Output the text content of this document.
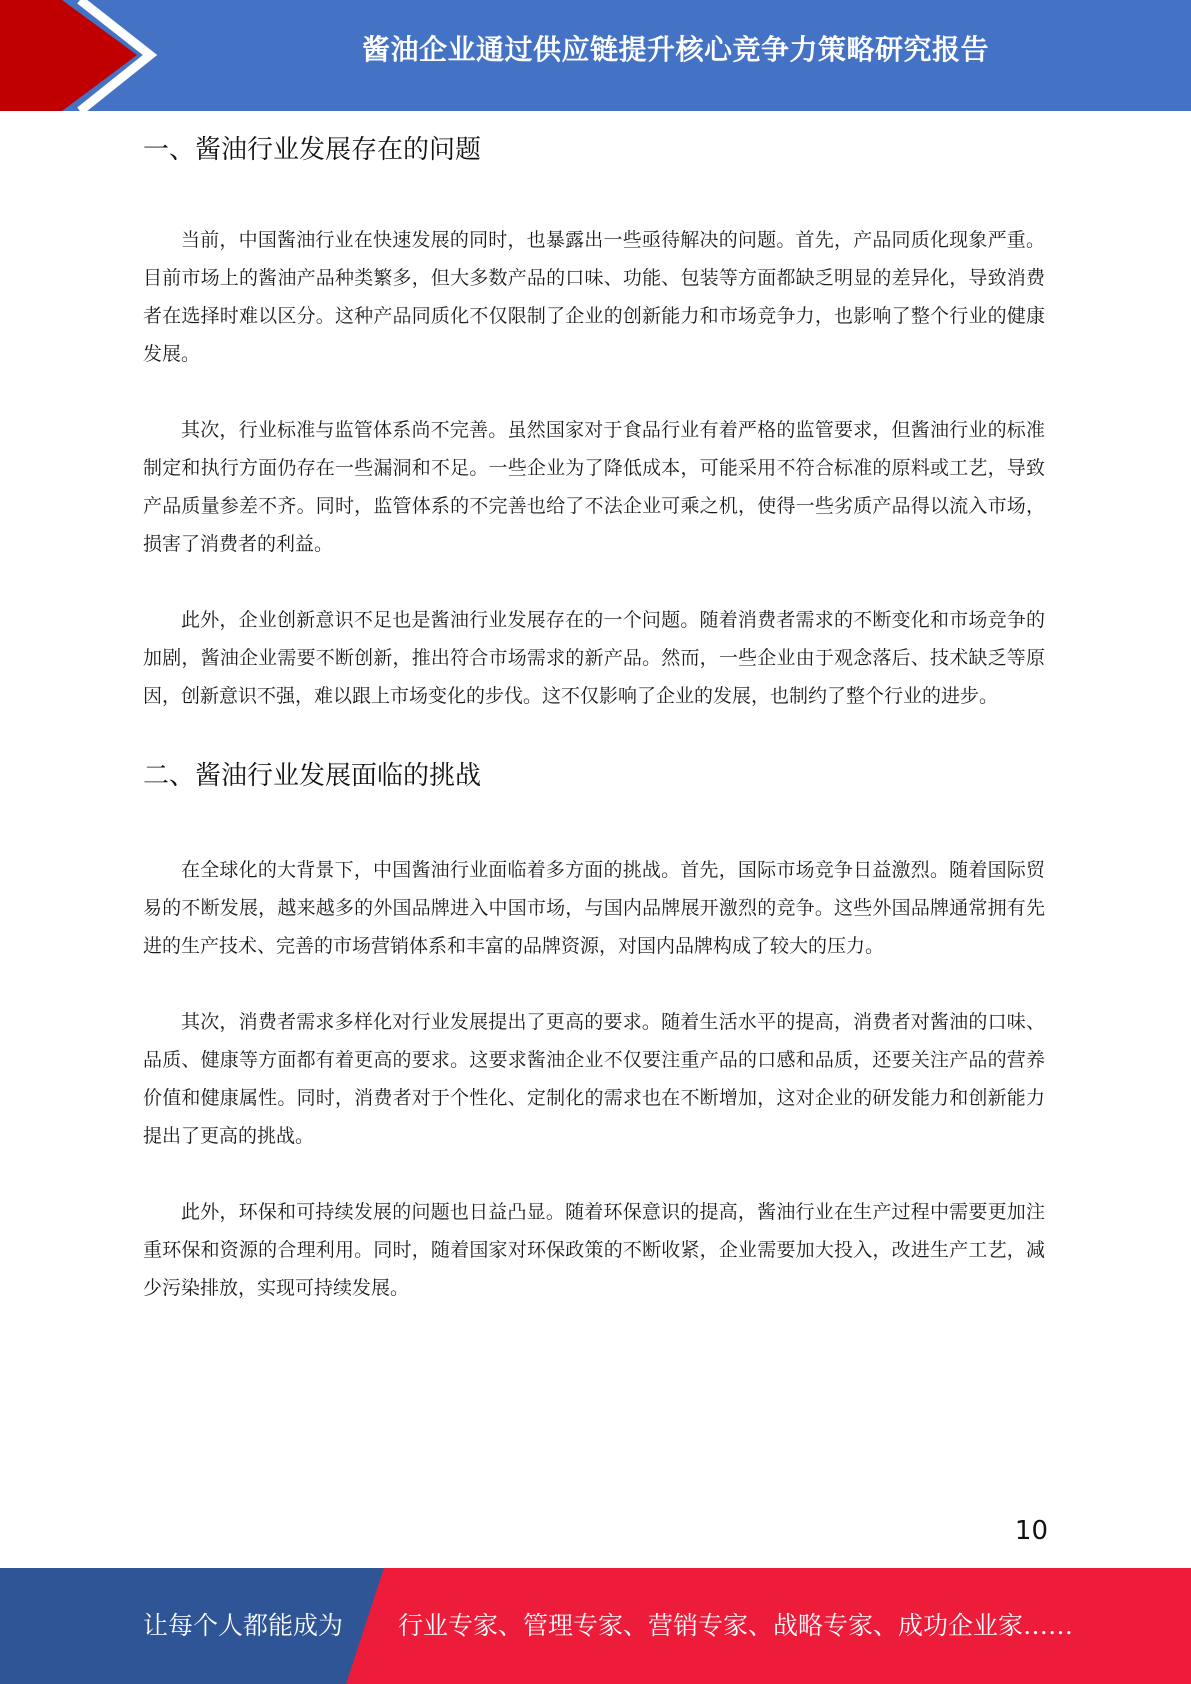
酱油企业通过供应链提升核心竞争力策略研究报告
一、酱油行业发展存在的问题

当前，中国酱油行业在快速发展的同时，也暴露出一些亟待解决的问题。首先，产品同质化现象严重。目前市场上的酱油产品种类繁多，但大多数产品的口味、功能、包装等方面都缺乏明显的差异化，导致消费者在选择时难以区分。这种产品同质化不仅限制了企业的创新能力和市场竞争力，也影响了整个行业的健康发展。

其次，行业标准与监管体系尚不完善。虽然国家对于食品行业有着严格的监管要求，但酱油行业的标准制定和执行方面仍存在一些漏洞和不足。一些企业为了降低成本，可能采用不符合标准的原料或工艺，导致产品质量参差不齐。同时，监管体系的不完善也给了不法企业可乘之机，使得一些劣质产品得以流入市场，损害了消费者的利益。

此外，企业创新意识不足也是酱油行业发展存在的一个问题。随着消费者需求的不断变化和市场竞争的加剧，酱油企业需要不断创新，推出符合市场需求的新产品。然而，一些企业由于观念落后、技术缺乏等原因，创新意识不强，难以跟上市场变化的步伐。这不仅影响了企业的发展，也制约了整个行业的进步。

二、酱油行业发展面临的挑战

在全球化的大背景下，中国酱油行业面临着多方面的挑战。首先，国际市场竞争日益激烈。随着国际贸易的不断发展，越来越多的外国品牌进入中国市场，与国内品牌展开激烈的竞争。这些外国品牌通常拥有先进的生产技术、完善的市场营销体系和丰富的品牌资源，对国内品牌构成了较大的压力。

其次，消费者需求多样化对行业发展提出了更高的要求。随着生活水平的提高，消费者对酱油的口味、品质、健康等方面都有着更高的要求。这要求酱油企业不仅要注重产品的口感和品质，还要关注产品的营养价值和健康属性。同时，消费者对于个性化、定制化的需求也在不断增加，这对企业的研发能力和创新能力提出了更高的挑战。

此外，环保和可持续发展的问题也日益凸显。随着环保意识的提高，酱油行业在生产过程中需要更加注重环保和资源的合理利用。同时，随着国家对环保政策的不断收紧，企业需要加大投入，改进生产工艺，减少污染排放，实现可持续发展。

10
让每个人都能成为 行业专家、管理专家、营销专家、战略专家、成功企业家……
